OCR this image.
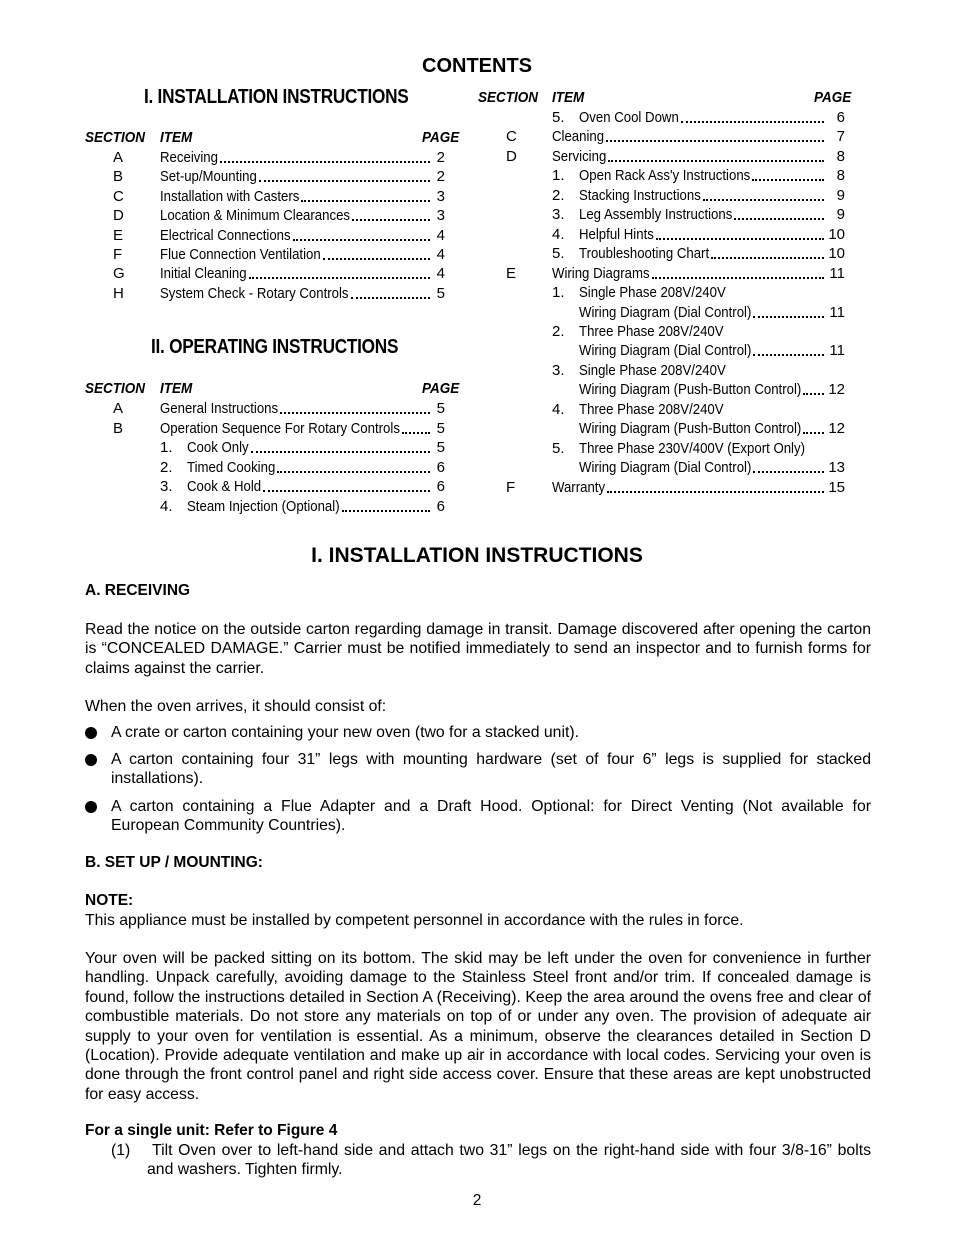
CONTENTS
I. INSTALLATION INSTRUCTIONS
SECTION ITEM	PAGE
A Receiving	2
B Set-up/Mounting	2
C Installation with Casters	3
D Location & Minimum Clearances	3
E Electrical Connections	4
F	Flue Connection Ventilation	4
G Initial Cleaning	4
H System Check - Rotary Controls	5
II. OPERATING INSTRUCTIONS
SECTION ITEM	PAGE
A General Instructions	5
B Operation Sequence For Rotary Controls	5
1. Cook Only	5
2. Timed Cooking	6
3. Cook & Hold	6
4. Steam Injection (Optional)	6
SECTION ITEM	PAGE
5. Oven Cool Down	6
C Cleaning	7
D Servicing	8
1. Open Rack Ass'y Instructions	8
2. Stacking Instructions	9
3. Leg Assembly Instructions	9
4. Helpful Hints	10
5. Troubleshooting Chart	10
E Wiring Diagrams	11
1. Single Phase 208V/240V
Wiring Diagram (Dial Control)	11
2. Three Phase 208V/240V
Wiring Diagram (Dial Control)	11
3. Single Phase 208V/240V
Wiring Diagram (Push-Button Control) 12
4. Three Phase 208V/240V
Wiring Diagram (Push-Button Control) 12
5. Three Phase 230V/400V (Export Only)
Wiring Diagram (Dial Control)	13
F Warranty	15
I. INSTALLATION INSTRUCTIONS
A. RECEIVING
Read the notice on the outside carton regarding damage in transit. Damage discovered after opening the carton is “CONCEALED DAMAGE.” Carrier must be notified immediately to send an inspector and to furnish forms for claims against the carrier.
When the oven arrives, it should consist of:
A crate or carton containing your new oven (two for a stacked unit).
A carton containing four 31” legs with mounting hardware (set of four 6” legs is supplied for stacked installations).
A carton containing a Flue Adapter and a Draft Hood. Optional: for Direct Venting (Not available for European Community Countries).
B. SET UP / MOUNTING:
NOTE:
This appliance must be installed by competent personnel in accordance with the rules in force.
Your oven will be packed sitting on its bottom. The skid may be left under the oven for convenience in further handling. Unpack carefully, avoiding damage to the Stainless Steel front and/or trim. If concealed damage is found, follow the instructions detailed in Section A (Receiving). Keep the area around the ovens free and clear of combustible materials. Do not store any materials on top of or under any oven. The provision of adequate air supply to your oven for ventilation is essential. As a minimum, observe the clearances detailed in Section D (Location). Provide adequate ventilation and make up air in accordance with local codes. Servicing your oven is done through the front control panel and right side access cover. Ensure that these areas are kept unobstructed for easy access.
For a single unit: Refer to Figure 4
(1)	Tilt Oven over to left-hand side and attach two 31” legs on the right-hand side with four 3/8-16” bolts and washers. Tighten firmly.
2
